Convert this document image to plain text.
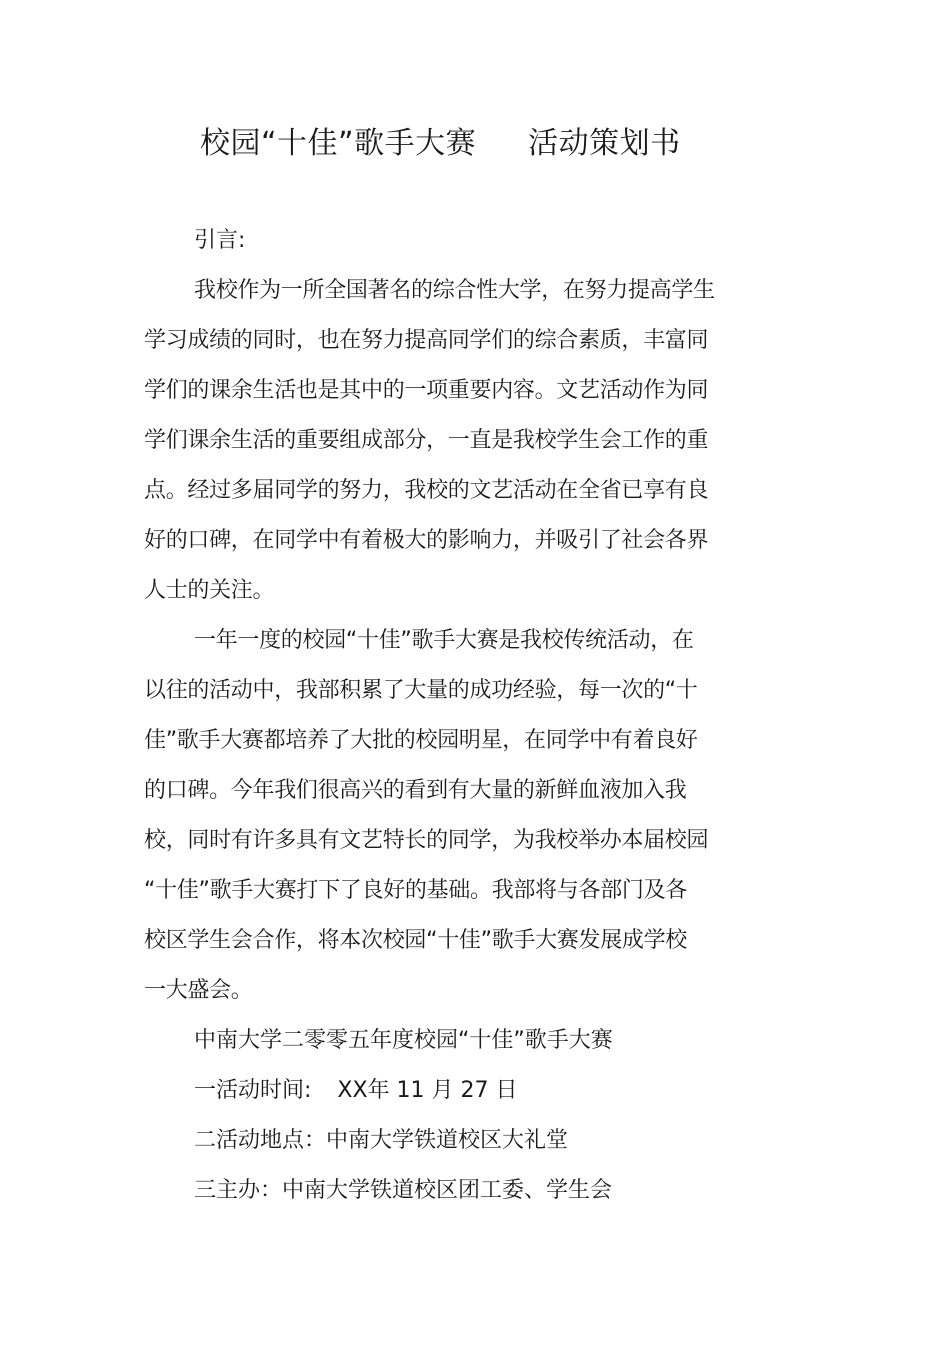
校园“十佳”歌手大赛 活动策划书
引言:
我校作为一所全国著名的综合性大学，在努力提高学生
学习成绩的同时，也在努力提高同学们的综合素质，丰富同
学们的课余生活也是其中的一项重要内容。文艺活动作为同
学们课余生活的重要组成部分，一直是我校学生会工作的重
点。经过多届同学的努力，我校的文艺活动在全省已享有良
好的口碑，在同学中有着极大的影响力，并吸引了社会各界
人士的关注。
一年一度的校园“十佳”歌手大赛是我校传统活动，在
以往的活动中，我部积累了大量的成功经验，每一次的“十
佳”歌手大赛都培养了大批的校园明星，在同学中有着良好
的口碑。今年我们很高兴的看到有大量的新鲜血液加入我
校，同时有许多具有文艺特长的同学，为我校举办本届校园
“十佳”歌手大赛打下了良好的基础。我部将与各部门及各
校区学生会合作，将本次校园“十佳”歌手大赛发展成学校
一大盛会。
中南大学二零零五年度校园“十佳”歌手大赛
一活动时间: XX年 11 月 27 日
二活动地点：中南大学铁道校区大礼堂
三主办：中南大学铁道校区团工委、学生会
